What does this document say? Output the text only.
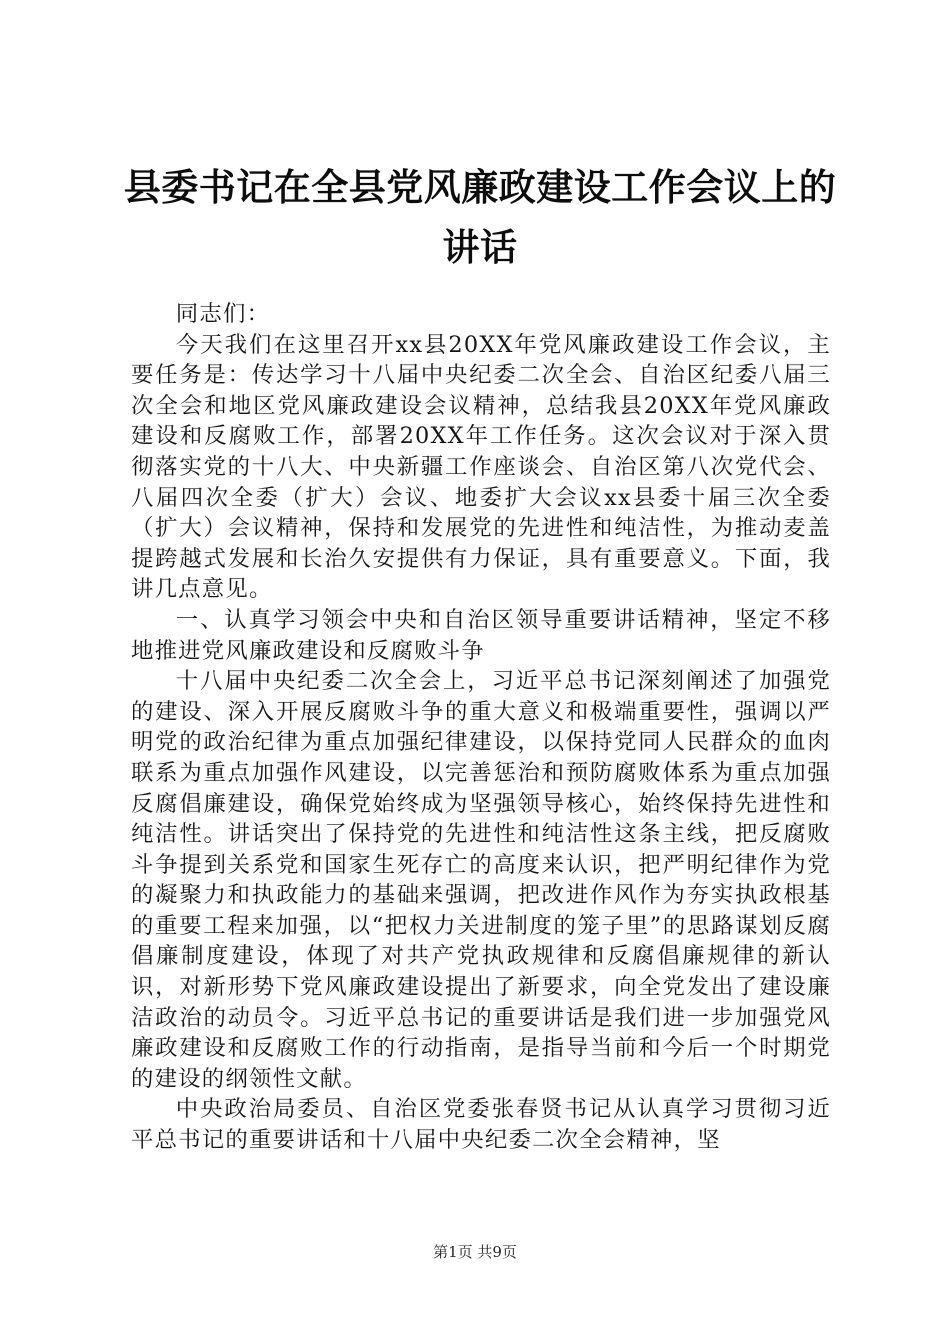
县委书记在全县党风廉政建设工作会议上的讲话

同志们：

今天我们在这里召开xx县20XX年党风廉政建设工作会议，主要任务是：传达学习十八届中央纪委二次全会、自治区纪委八届三次全会和地区党风廉政建设会议精神，总结我县20XX年党风廉政建设和反腐败工作，部署20XX年工作任务。这次会议对于深入贯彻落实党的十八大、中央新疆工作座谈会、自治区第八次党代会、八届四次全委（扩大）会议、地委扩大会议xx县委十届三次全委（扩大）会议精神，保持和发展党的先进性和纯洁性，为推动麦盖提跨越式发展和长治久安提供有力保证，具有重要意义。下面，我讲几点意见。

一、认真学习领会中央和自治区领导重要讲话精神，坚定不移地推进党风廉政建设和反腐败斗争

十八届中央纪委二次全会上，习近平总书记深刻阐述了加强党的建设、深入开展反腐败斗争的重大意义和极端重要性，强调以严明党的政治纪律为重点加强纪律建设，以保持党同人民群众的血肉联系为重点加强作风建设，以完善惩治和预防腐败体系为重点加强反腐倡廉建设，确保党始终成为坚强领导核心，始终保持先进性和纯洁性。讲话突出了保持党的先进性和纯洁性这条主线，把反腐败斗争提到关系党和国家生死存亡的高度来认识，把严明纪律作为党的凝聚力和执政能力的基础来强调，把改进作风作为夯实执政根基的重要工程来加强，以“把权力关进制度的笼子里”的思路谋划反腐倡廉制度建设，体现了对共产党执政规律和反腐倡廉规律的新认识，对新形势下党风廉政建设提出了新要求，向全党发出了建设廉洁政治的动员令。习近平总书记的重要讲话是我们进一步加强党风廉政建设和反腐败工作的行动指南，是指导当前和今后一个时期党的建设的纲领性文献。

中央政治局委员、自治区党委张春贤书记从认真学习贯彻习近平总书记的重要讲话和十八届中央纪委二次全会精神，坚

第1页 共9页
